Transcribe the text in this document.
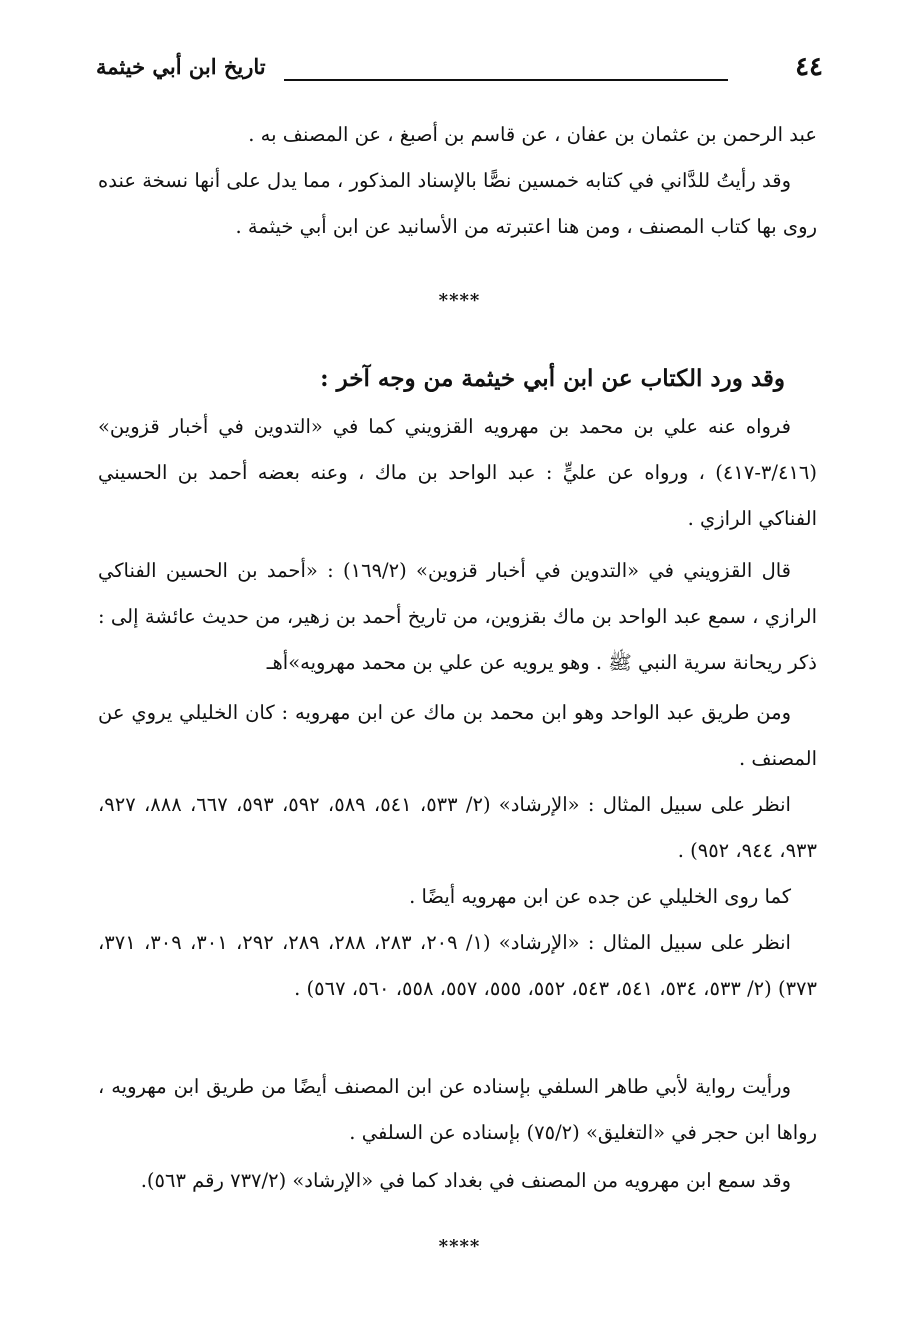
٤٤
تاريخ ابن أبي خيثمة

عبد الرحمن بن عثمان بن عفان ، عن قاسم بن أصبغ ، عن المصنف به .

وقد رأيتُ للدَّاني في كتابه خمسين نصًّا بالإسناد المذكور ، مما يدل على أنها نسخة عنده روى بها كتاب المصنف ، ومن هنا اعتبرته من الأسانيد عن ابن أبي خيثمة .

****

وقد ورد الكتاب عن ابن أبي خيثمة من وجه آخر :

فرواه عنه علي بن محمد بن مهرويه القزويني كما في «التدوين في أخبار قزوين» (٣/٤١٦-٤١٧) ، ورواه عن عليٍّ : عبد الواحد بن ماك ، وعنه بعضه أحمد بن الحسيني الفناكي الرازي .

قال القزويني في «التدوين في أخبار قزوين» (١٦٩/٢) : «أحمد بن الحسين الفناكي الرازي ، سمع عبد الواحد بن ماك بقزوين، من تاريخ أحمد بن زهير، من حديث عائشة إلى : ذكر ريحانة سرية النبي ﷺ . وهو يرويه عن علي بن محمد مهرويه»أهـ

ومن طريق عبد الواحد وهو ابن محمد بن ماك عن ابن مهرويه : كان الخليلي يروي عن المصنف .

انظر على سبيل المثال : «الإرشاد» (٢/ ٥٣٣، ٥٤١، ٥٨٩، ٥٩٢، ٥٩٣، ٦٦٧، ٨٨٨، ٩٢٧، ٩٣٣، ٩٤٤، ٩٥٢) .

كما روى الخليلي عن جده عن ابن مهرويه أيضًا .

انظر على سبيل المثال : «الإرشاد» (١/ ٢٠٩، ٢٨٣، ٢٨٨، ٢٨٩، ٢٩٢، ٣٠١، ٣٠٩، ٣٧١، ٣٧٣) (٢/ ٥٣٣، ٥٣٤، ٥٤١، ٥٤٣، ٥٥٢، ٥٥٥، ٥٥٧، ٥٥٨، ٥٦٠، ٥٦٧) .

ورأيت رواية لأبي طاهر السلفي بإسناده عن ابن المصنف أيضًا من طريق ابن مهرويه ، رواها ابن حجر في «التغليق» (٧٥/٢) بإسناده عن السلفي .

وقد سمع ابن مهرويه من المصنف في بغداد كما في «الإرشاد» (٧٣٧/٢ رقم ٥٦٣).

****
